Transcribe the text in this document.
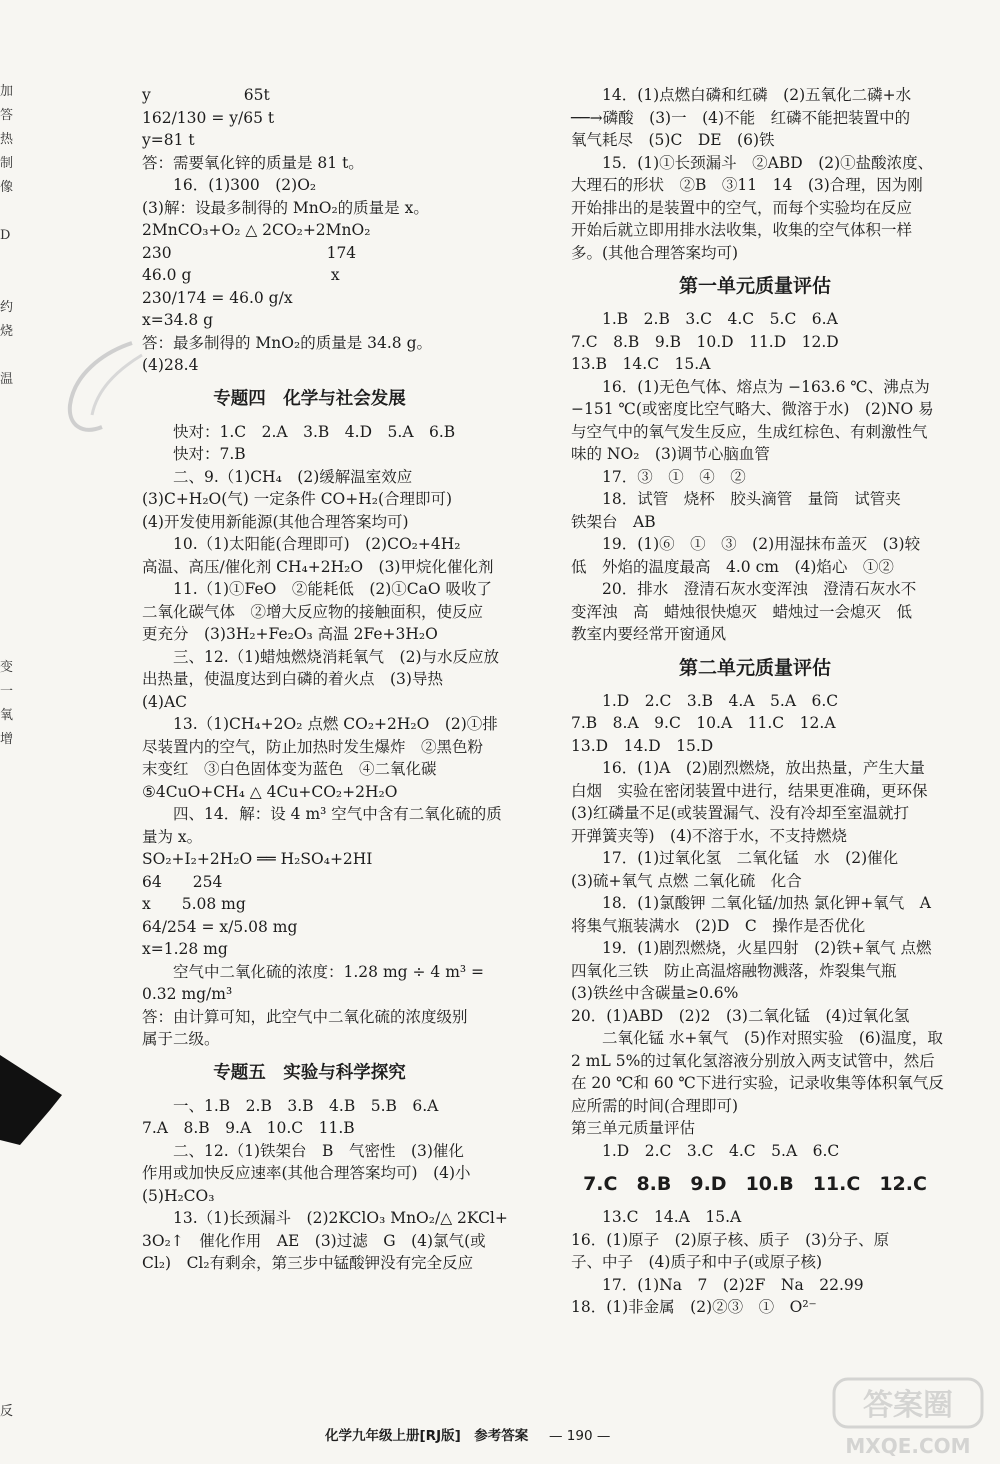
加
答
热
制
像
D
约
烧
温
变
一
氧
增
反

y　　　　　　65t

162/130 = y/65 t

y=81 t

答：需要氧化锌的质量是 81 t。

16．(1)300　(2)O₂

(3)解：设最多制得的 MnO₂的质量是 x。

2MnCO₃+O₂ △ 2CO₂+2MnO₂

230　　　　　　　　　　174

46.0 g　　　　　　　　　x

230/174 = 46.0 g/x

x=34.8 g

答：最多制得的 MnO₂的质量是 34.8 g。

(4)28.4

专题四　化学与社会发展

快对：1.C　2.A　3.B　4.D　5.A　6.B

快对：7.B

二、9.（1)CH₄　(2)缓解温室效应

(3)C+H₂O(气) 一定条件 CO+H₂(合理即可)

(4)开发使用新能源(其他合理答案均可)

10.（1)太阳能(合理即可)　(2)CO₂+4H₂

高温、高压/催化剂 CH₄+2H₂O　(3)甲烷化催化剂

11.（1)①FeO　②能耗低　(2)①CaO 吸收了

二氧化碳气体　②增大反应物的接触面积，使反应

更充分　(3)3H₂+Fe₂O₃ 高温 2Fe+3H₂O

三、12.（1)蜡烛燃烧消耗氧气　(2)与水反应放

出热量，使温度达到白磷的着火点　(3)导热

(4)AC

13.（1)CH₄+2O₂ 点燃 CO₂+2H₂O　(2)①排

尽装置内的空气，防止加热时发生爆炸　②黑色粉

末变红　③白色固体变为蓝色　④二氧化碳

⑤4CuO+CH₄ △ 4Cu+CO₂+2H₂O

四、14．解：设 4 m³ 空气中含有二氧化硫的质

量为 x。

SO₂+I₂+2H₂O ══ H₂SO₄+2HI

64　　254

x　　5.08 mg

64/254 = x/5.08 mg

x=1.28 mg

空气中二氧化硫的浓度：1.28 mg ÷ 4 m³ =

0.32 mg/m³

答：由计算可知，此空气中二氧化硫的浓度级别

属于二级。

专题五　实验与科学探究

一、1.B　2.B　3.B　4.B　5.B　6.A

7.A　8.B　9.A　10.C　11.B

二、12.（1)铁架台　B　气密性　(3)催化

作用或加快反应速率(其他合理答案均可)　(4)小

(5)H₂CO₃

13.（1)长颈漏斗　(2)2KClO₃ MnO₂/△ 2KCl+

3O₂↑　催化作用　AE　(3)过滤　G　(4)氯气(或

Cl₂)　Cl₂有剩余，第三步中锰酸钾没有完全反应

14．(1)点燃白磷和红磷　(2)五氧化二磷+水

──→磷酸　(3)一　(4)不能　红磷不能把装置中的

氧气耗尽　(5)C　DE　(6)铁

15．(1)①长颈漏斗　②ABD　(2)①盐酸浓度、

大理石的形状　②B　③11　14　(3)合理，因为刚

开始排出的是装置中的空气，而每个实验均在反应

开始后就立即用排水法收集，收集的空气体积一样

多。(其他合理答案均可)

第一单元质量评估

1.B　2.B　3.C　4.C　5.C　6.A

7.C　8.B　9.B　10.D　11.D　12.D

13.B　14.C　15.A

16．(1)无色气体、熔点为 −163.6 ℃、沸点为

−151 ℃(或密度比空气略大、微溶于水)　(2)NO 易

与空气中的氧气发生反应，生成红棕色、有刺激性气

味的 NO₂　(3)调节心脑血管

17．③　①　④　②

18．试管　烧杯　胶头滴管　量筒　试管夹

铁架台　AB

19．(1)⑥　①　③　(2)用湿抹布盖灭　(3)较

低　外焰的温度最高　4.0 cm　(4)焰心　①②

20．排水　澄清石灰水变浑浊　澄清石灰水不

变浑浊　高　蜡烛很快熄灭　蜡烛过一会熄灭　低

教室内要经常开窗通风

第二单元质量评估

1.D　2.C　3.B　4.A　5.A　6.C

7.B　8.A　9.C　10.A　11.C　12.A

13.D　14.D　15.D

16．(1)A　(2)剧烈燃烧，放出热量，产生大量

白烟　实验在密闭装置中进行，结果更准确，更环保

(3)红磷量不足(或装置漏气、没有冷却至室温就打

开弹簧夹等)　(4)不溶于水，不支持燃烧

17．(1)过氧化氢　二氧化锰　水　(2)催化

(3)硫+氧气 点燃 二氧化硫　化合

18．(1)氯酸钾 二氧化锰/加热 氯化钾+氧气　A

将集气瓶装满水　(2)D　C　操作是否优化

19．(1)剧烈燃烧，火星四射　(2)铁+氧气 点燃

四氧化三铁　防止高温熔融物溅落，炸裂集气瓶

(3)铁丝中含碳量≥0.6%

20．(1)ABD　(2)2　(3)二氧化锰　(4)过氧化氢

二氧化锰 水+氧气　(5)作对照实验　(6)温度，取

2 mL 5%的过氧化氢溶液分别放入两支试管中，然后

在 20 ℃和 60 ℃下进行实验，记录收集等体积氧气反

应所需的时间(合理即可)

第三单元质量评估

1.D　2.C　3.C　4.C　5.A　6.C

7.C　8.B　9.D　10.B　11.C　12.C

13.C　14.A　15.A

16．(1)原子　(2)原子核、质子　(3)分子、原

子、中子　(4)质子和中子(或原子核)

17．(1)Na　7　(2)2F　Na　22.99

18．(1)非金属　(2)②③　①　O²⁻

化学九年级上册[RJ版]　参考答案 — 190 —
答案圈
MXQE.COM
